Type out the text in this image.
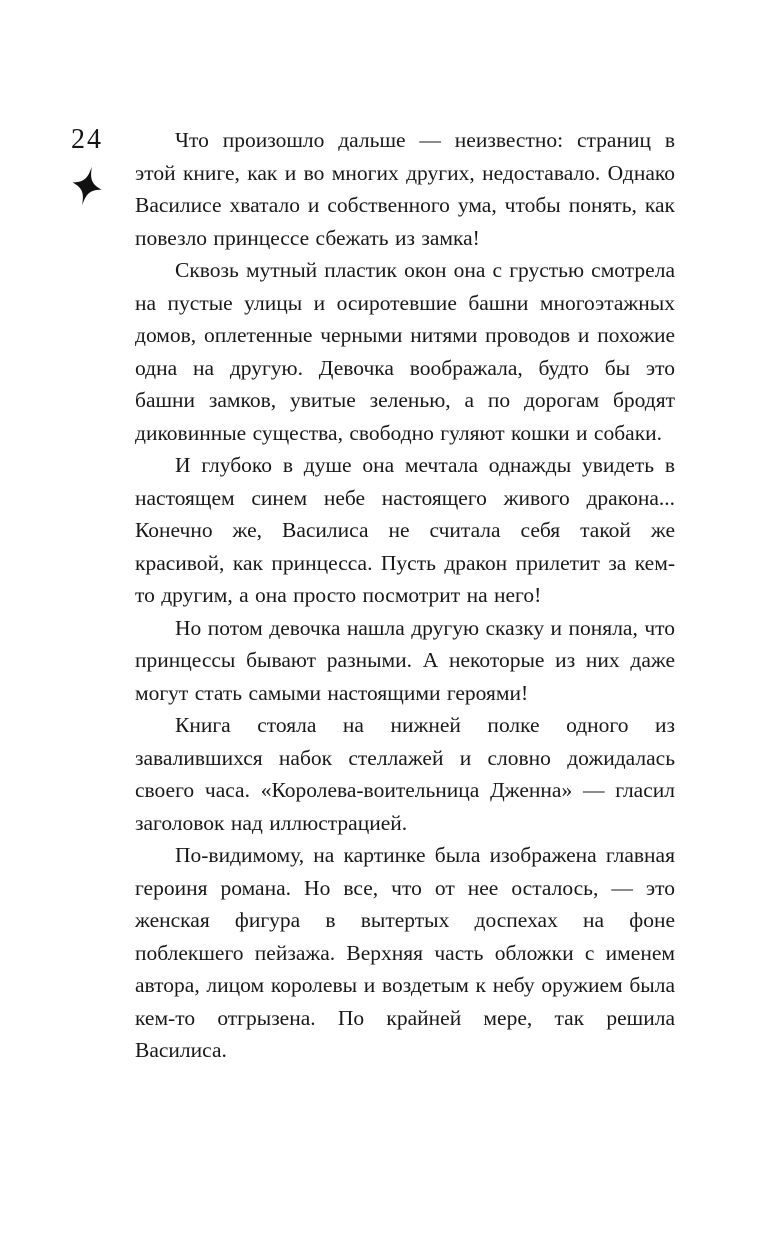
24	Что произошло дальше — неизвестно: страниц в этой книге, как и во многих других, недоставало. Однако Василисе хватало и собственного ума, чтобы понять, как повезло принцессе сбежать из замка!

Сквозь мутный пластик окон она с грустью смотрела на пустые улицы и осиротевшие башни многоэтажных домов, оплетенные черными нитями проводов и похожие одна на другую. Девочка воображала, будто бы это башни замков, увитые зеленью, а по дорогам бродят диковинные существа, свободно гуляют кошки и собаки.

И глубоко в душе она мечтала однажды увидеть в настоящем синем небе настоящего живого дракона... Конечно же, Василиса не считала себя такой же красивой, как принцесса. Пусть дракон прилетит за кем-то другим, а она просто посмотрит на него!

Но потом девочка нашла другую сказку и поняла, что принцессы бывают разными. А некоторые из них даже могут стать самыми настоящими героями!

Книга стояла на нижней полке одного из завалившихся набок стеллажей и словно дожидалась своего часа. «Королева-воительница Дженна» — гласил заголовок над иллюстрацией.

По-видимому, на картинке была изображена главная героиня романа. Но все, что от нее осталось, — это женская фигура в вытертых доспехах на фоне поблекшего пейзажа. Верхняя часть обложки с именем автора, лицом королевы и воздетым к небу оружием была кем-то отгрызена. По крайней мере, так решила Василиса.
